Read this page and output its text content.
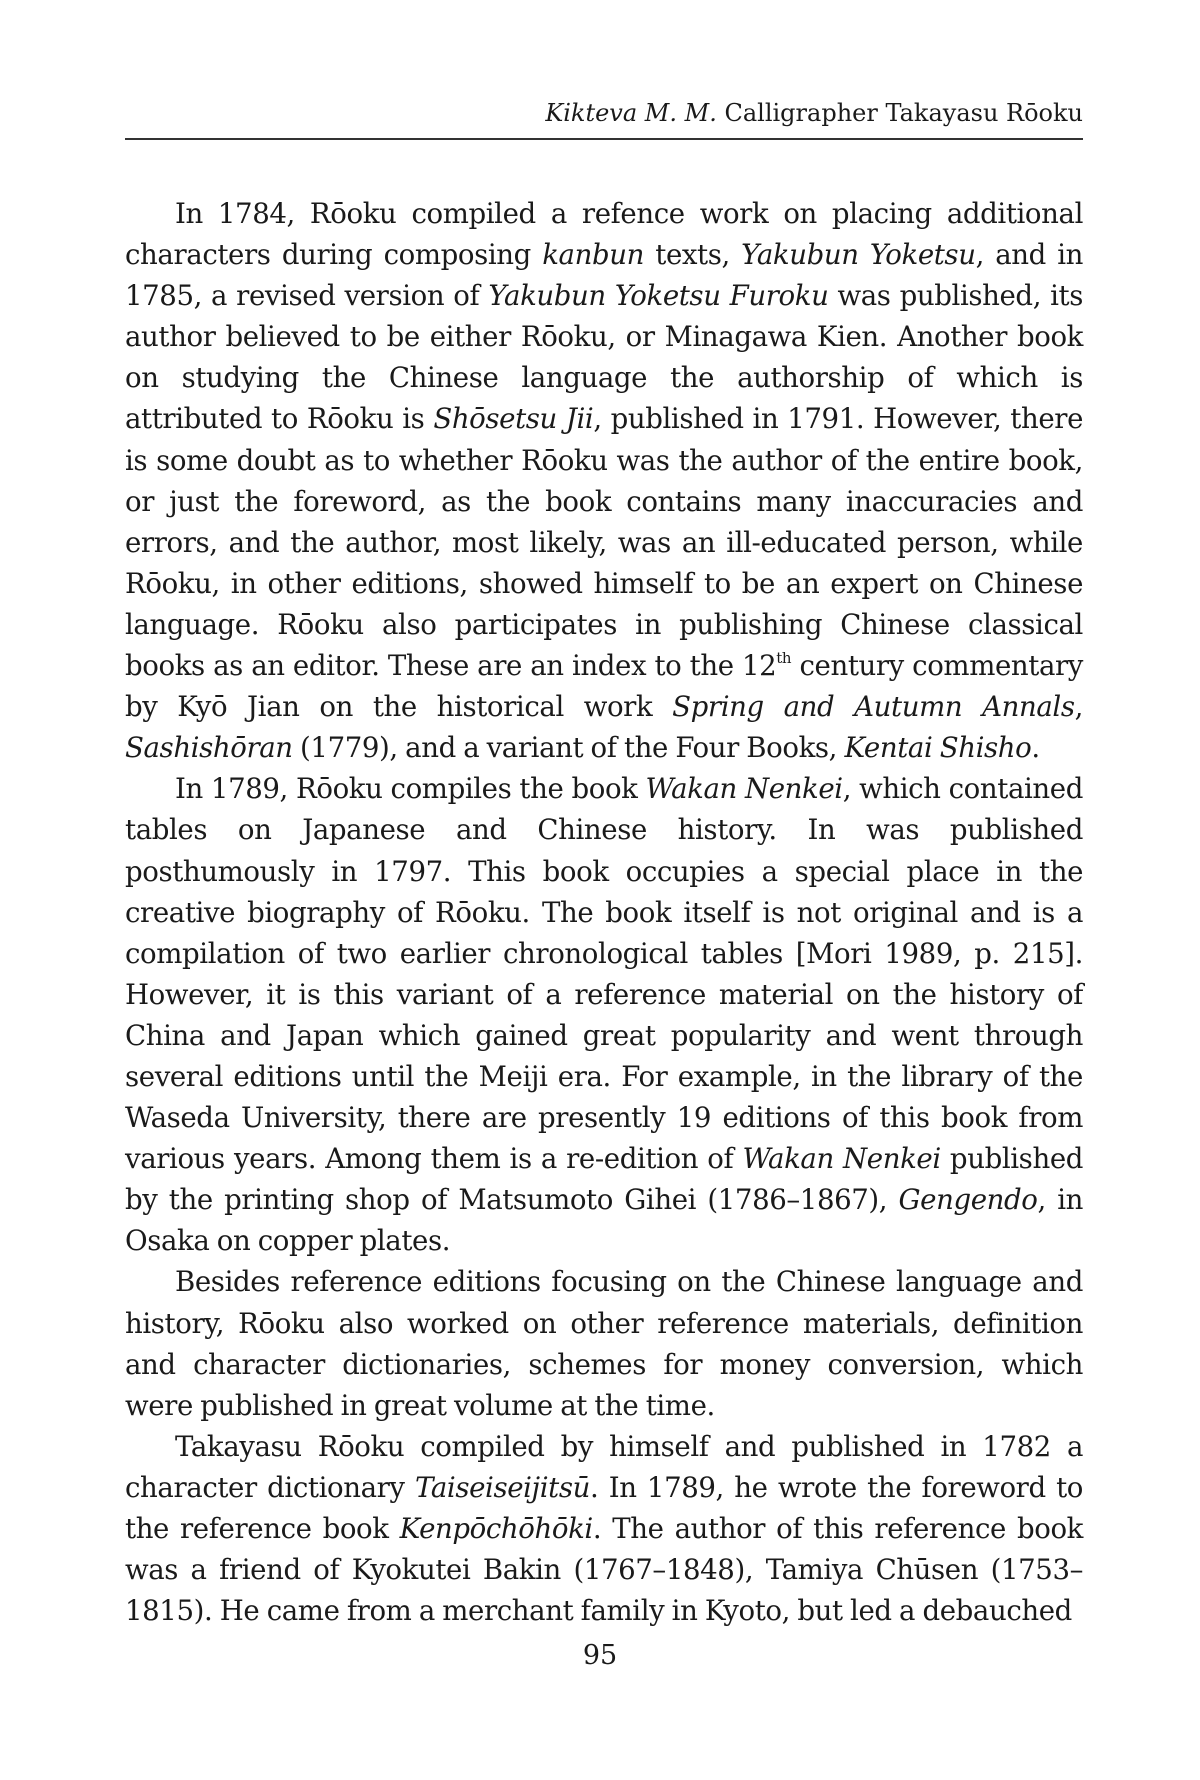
Kikteva M. M. Calligrapher Takayasu Rōoku

In 1784, Rōoku compiled a refence work on placing additional characters during composing kanbun texts, Yakubun Yoketsu, and in 1785, a revised version of Yakubun Yoketsu Furoku was published, its author believed to be either Rōoku, or Minagawa Kien. Another book on studying the Chinese language the authorship of which is attributed to Rōoku is Shōsetsu Jii, published in 1791. However, there is some doubt as to whether Rōoku was the author of the entire book, or just the foreword, as the book contains many inaccuracies and errors, and the author, most likely, was an ill-educated person, while Rōoku, in other editions, showed himself to be an expert on Chinese language. Rōoku also participates in publishing Chinese classical books as an editor. These are an index to the 12th century commentary by Kyō Jian on the historical work Spring and Autumn Annals, Sashishōran (1779), and a variant of the Four Books, Kentai Shisho.

In 1789, Rōoku compiles the book Wakan Nenkei, which contained tables on Japanese and Chinese history. In was published posthumously in 1797. This book occupies a special place in the creative biography of Rōoku. The book itself is not original and is a compilation of two earlier chronological tables [Mori 1989, p. 215]. However, it is this variant of a reference material on the history of China and Japan which gained great popularity and went through several editions until the Meiji era. For example, in the library of the Waseda University, there are presently 19 editions of this book from various years. Among them is a re-edition of Wakan Nenkei published by the printing shop of Matsumoto Gihei (1786–1867), Gengendo, in Osaka on copper plates.

Besides reference editions focusing on the Chinese language and history, Rōoku also worked on other reference materials, definition and character dictionaries, schemes for money conversion, which were published in great volume at the time.

Takayasu Rōoku compiled by himself and published in 1782 a character dictionary Taiseiseijitsū. In 1789, he wrote the foreword to the reference book Kenpōchōhōki. The author of this reference book was a friend of Kyokutei Bakin (1767–1848), Tamiya Chūsen (1753–1815). He came from a merchant family in Kyoto, but led a debauched

95
